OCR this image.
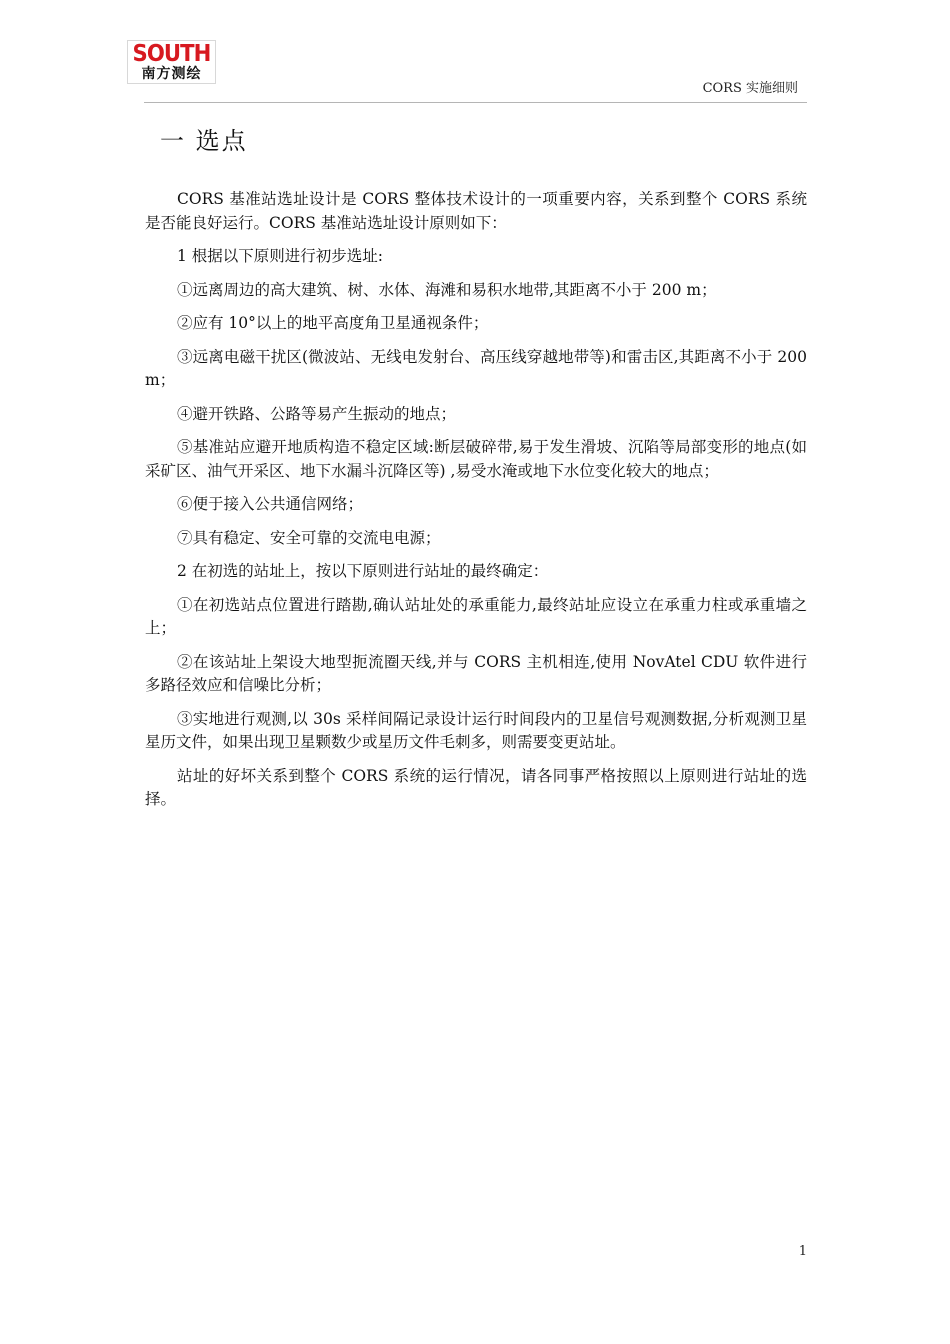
SOUTH
南方测绘
CORS 实施细则
一 选点

CORS 基准站选址设计是 CORS 整体技术设计的一项重要内容，关系到整个 CORS 系统是否能良好运行。CORS 基准站选址设计原则如下：

1 根据以下原则进行初步选址:

①远离周边的高大建筑、树、水体、海滩和易积水地带,其距离不小于 200 m；

②应有 10°以上的地平高度角卫星通视条件；

③远离电磁干扰区(微波站、无线电发射台、高压线穿越地带等)和雷击区,其距离不小于 200 m；

④避开铁路、公路等易产生振动的地点；

⑤基准站应避开地质构造不稳定区域:断层破碎带,易于发生滑坡、沉陷等局部变形的地点(如采矿区、油气开采区、地下水漏斗沉降区等) ,易受水淹或地下水位变化较大的地点；

⑥便于接入公共通信网络；

⑦具有稳定、安全可靠的交流电电源；

2 在初选的站址上，按以下原则进行站址的最终确定：

①在初选站点位置进行踏勘,确认站址处的承重能力,最终站址应设立在承重力柱或承重墙之上；

②在该站址上架设大地型扼流圈天线,并与 CORS 主机相连,使用 NovAtel CDU 软件进行多路径效应和信噪比分析；

③实地进行观测,以 30s 采样间隔记录设计运行时间段内的卫星信号观测数据,分析观测卫星星历文件，如果出现卫星颗数少或星历文件毛刺多，则需要变更站址。

站址的好坏关系到整个 CORS 系统的运行情况，请各同事严格按照以上原则进行站址的选择。

1
